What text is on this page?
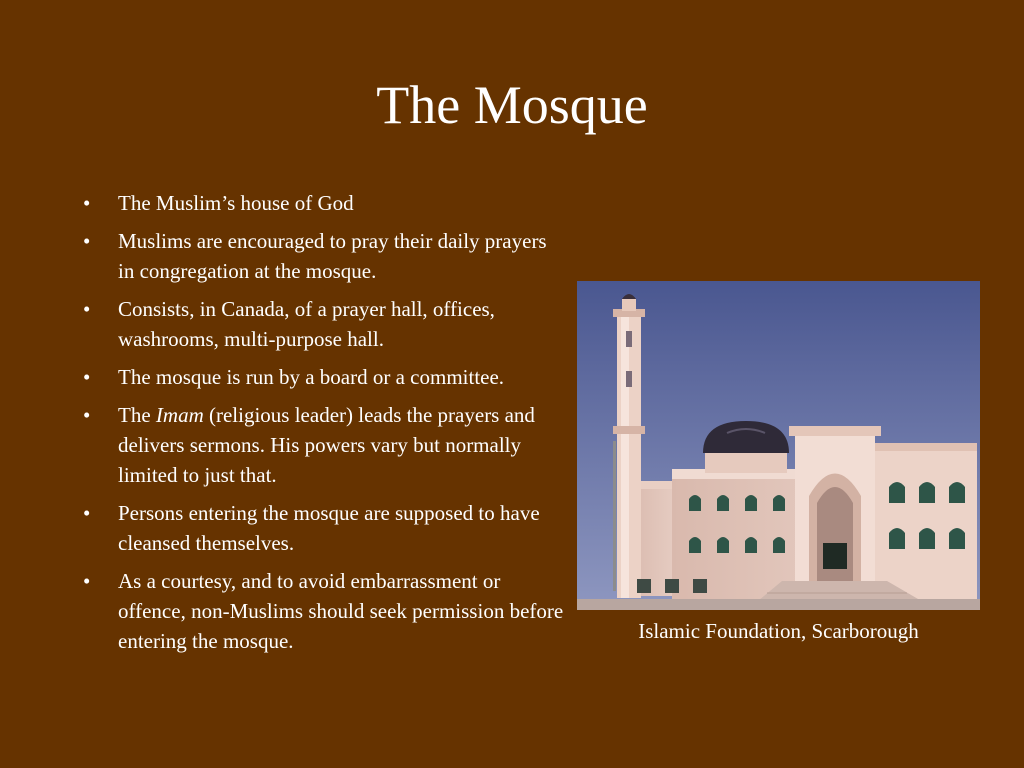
The Mosque
• The Muslim’s house of God
• Muslims are encouraged to pray their daily prayers in congregation at the mosque.
• Consists, in Canada, of a prayer hall, offices, washrooms, multi-purpose hall.
• The mosque is run by a board or a committee.
• The Imam (religious leader) leads the prayers and delivers sermons. His powers vary but normally limited to just that.
• Persons entering the mosque are supposed to have cleansed themselves.
• As a courtesy, and to avoid embarrassment or offence, non-Muslims should seek permission before entering the mosque.	Islamic Foundation, Scarborough
